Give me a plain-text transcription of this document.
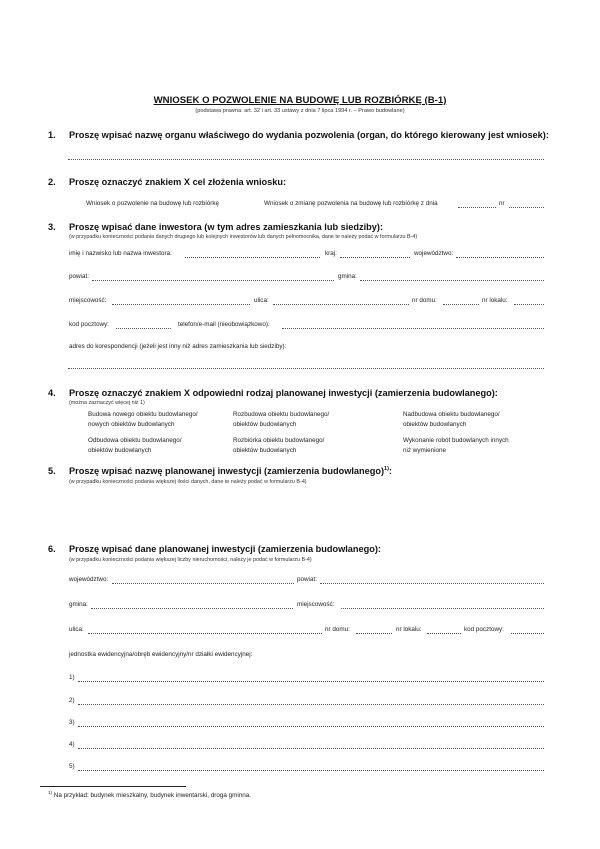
WNIOSEK O POZWOLENIE NA BUDOWĘ LUB ROZBIÓRKĘ (B-1)
(podstawa prawna: art. 32 i art. 33 ustawy z dnia 7 lipca 1994 r. – Prawo budowlane)
1. Proszę wpisać nazwę organu właściwego do wydania pozwolenia (organ, do którego kierowany jest wniosek):
2. Proszę oznaczyć znakiem X cel złożenia wniosku:
Wniosek o pozwolenie na budowę lub rozbiórkę	Wniosek o zmianę pozwolenia na budowę lub rozbiórkę z dnia	nr
3. Proszę wpisać dane inwestora (w tym adres zamieszkania lub siedziby):
(w przypadku konieczności podania danych drugiego lub kolejnych inwestorów lub danych pełnomocnika, dane te należy podać w formularzu B-4)
imię i nazwisko lub nazwa inwestora:	kraj:	województwo:
powiat:	gmina:
miejscowość:	ulica:	nr domu:	nr lokalu:
kod pocztowy:	telefon/e-mail (nieobowiązkowo):
adres do korespondencji (jeżeli jest inny niż adres zamieszkania lub siedziby):
4. Proszę oznaczyć znakiem X odpowiedni rodzaj planowanej inwestycji (zamierzenia budowlanego):
(można zaznaczyć więcej niż 1)
Budowa nowego obiektu budowlanego/
nowych obiektów budowlanych
Rozbudowa obiektu budowlanego/
obiektów budowlanych
Nadbudowa obiektu budowlanego/
obiektów budowlanych
Odbudowa obiektu budowlanego/
obiektów budowlanych
Rozbiórka obiektu budowlanego/
obiektów budowlanych
Wykonanie robót budowlanych innych
niż wymienione
5. Proszę wpisać nazwę planowanej inwestycji (zamierzenia budowlanego)$^{1)}$:
(w przypadku konieczności podania większej ilości danych, dane te należy podać w formularzu B-4)
6. Proszę wpisać dane planowanej inwestycji (zamierzenia budowlanego):
(w przypadku konieczności podania większej liczby nieruchomości, należy je podać w formularzu B-4)
województwo:	powiat:
gmina:	miejscowość:
ulica:	nr domu:	nr lokalu:	kod pocztowy:
jednostka ewidencyjna/obręb ewidencyjny/nr działki ewidencyjnej:
1)
2)
3)
4)
5)
$^{1)}$ Na przykład: budynek mieszkalny, budynek inwentarski, droga gminna.
